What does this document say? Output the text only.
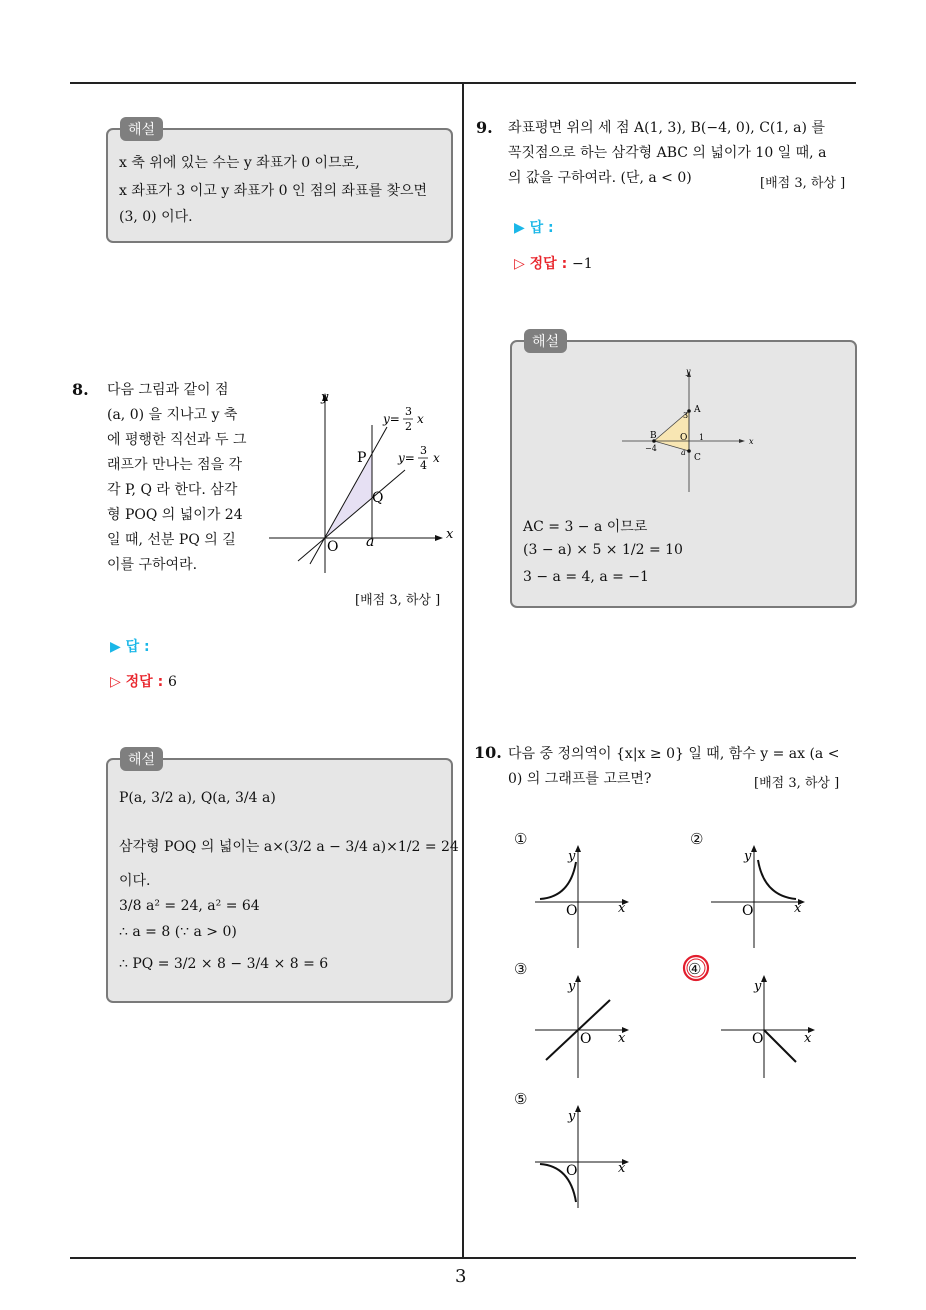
3
해설
x 축 위에 있는 수는 y 좌표가 0 이므로,
x 좌표가 3 이고 y 좌표가 0 인 점의 좌표를 찾으면
(3, 0) 이다.
8. 다음 그림과 같이 점
(a, 0) 을 지나고 y 축
에 평행한 직선과 두 그
래프가 만나는 점을 각
각 P, Q 라 한다. 삼각
형 POQ 의 넓이가 24
일 때, 선분 PQ 의 길
이를 구하여라.
y
x
O a
P
Q
y=
3
2
x
y=
3
4
x
[배점 3, 하상 ]
▶ 답 :
▷ 정답 : 6
해설
P(a, 3/2 a), Q(a, 3/4 a)
삼각형 POQ 의 넓이는 a×(3/2 a − 3/4 a)×1/2 = 24
이다.
3/8 a² = 24, a² = 64
∴ a = 8 (∵ a > 0)
∴ PQ = 3/2 × 8 − 3/4 × 8 = 6
9. 좌표평면 위의 세 점 A(1, 3), B(−4, 0), C(1, a) 를
꼭짓점으로 하는 삼각형 ABC 의 넓이가 10 일 때, a
의 값을 구하여라. (단, a < 0)	[배점 3, 하상 ]
▶ 답 :
▷ 정답 : −1
해설
y
x
A
B
C
O
3
1
−4	a
AC = 3 − a 이므로
(3 − a) × 5 × 1/2 = 10
3 − a = 4, a = −1
10. 다음 중 정의역이 {x|x ≥ 0} 일 때, 함수 y = ax (a <
0) 의 그래프를 고르면?	[배점 3, 하상 ]
①
y
x
O
②
y
x
O
③
y
x
O
④
y
x
O
⑤
y
x
O
